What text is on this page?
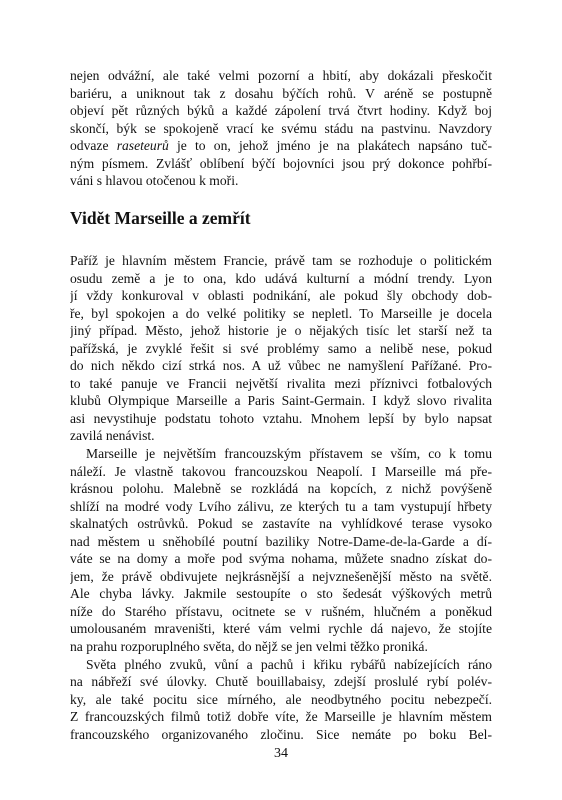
nejen odvážní, ale také velmi pozorní a hbití, aby dokázali přeskočit
bariéru, a uniknout tak z dosahu býčích rohů. V aréně se postupně
objeví pět různých býků a každé zápolení trvá čtvrt hodiny. Když boj
skončí, býk se spokojeně vrací ke svému stádu na pastvinu. Navzdory
odvaze raseteurů je to on, jehož jméno je na plakátech napsáno tuč-
ným písmem. Zvlášť oblíbení býčí bojovníci jsou prý dokonce pohřbí-
váni s hlavou otočenou k moři.
Vidět Marseille a zemřít
Paříž je hlavním městem Francie, právě tam se rozhoduje o politickém
osudu země a je to ona, kdo udává kulturní a módní trendy. Lyon
jí vždy konkuroval v oblasti podnikání, ale pokud šly obchody dob-
ře, byl spokojen a do velké politiky se nepletl. To Marseille je docela
jiný případ. Město, jehož historie je o nějakých tisíc let starší než ta
pařížská, je zvyklé řešit si své problémy samo a nelibě nese, pokud
do nich někdo cizí strká nos. A už vůbec ne namyšlení Pařížané. Pro-
to také panuje ve Francii největší rivalita mezi příznivci fotbalových
klubů Olympique Marseille a Paris Saint-Germain. I když slovo rivalita
asi nevystihuje podstatu tohoto vztahu. Mnohem lepší by bylo napsat
zavilá nenávist.
Marseille je největším francouzským přístavem se vším, co k tomu
náleží. Je vlastně takovou francouzskou Neapolí. I Marseille má pře-
krásnou polohu. Malebně se rozkládá na kopcích, z nichž povýšeně
shlíží na modré vody Lvího zálivu, ze kterých tu a tam vystupují hřbety
skalnatých ostrůvků. Pokud se zastavíte na vyhlídkové terase vysoko
nad městem u sněhobílé poutní baziliky Notre-Dame-de-la-Garde a dí-
váte se na domy a moře pod svýma nohama, můžete snadno získat do-
jem, že právě obdivujete nejkrásnější a nejvznešenější město na světě.
Ale chyba lávky. Jakmile sestoupíte o sto šedesát výškových metrů
níže do Starého přístavu, ocitnete se v rušném, hlučném a poněkud
umolousaném mraveništi, které vám velmi rychle dá najevo, že stojíte
na prahu rozporuplného světa, do nějž se jen velmi těžko proniká.
Světa plného zvuků, vůní a pachů i křiku rybářů nabízejících ráno
na nábřeží své úlovky. Chutě bouillabaisy, zdejší proslulé rybí polév-
ky, ale také pocitu sice mírného, ale neodbytného pocitu nebezpečí.
Z francouzských filmů totiž dobře víte, že Marseille je hlavním městem
francouzského organizovaného zločinu. Sice nemáte po boku Bel-
34
